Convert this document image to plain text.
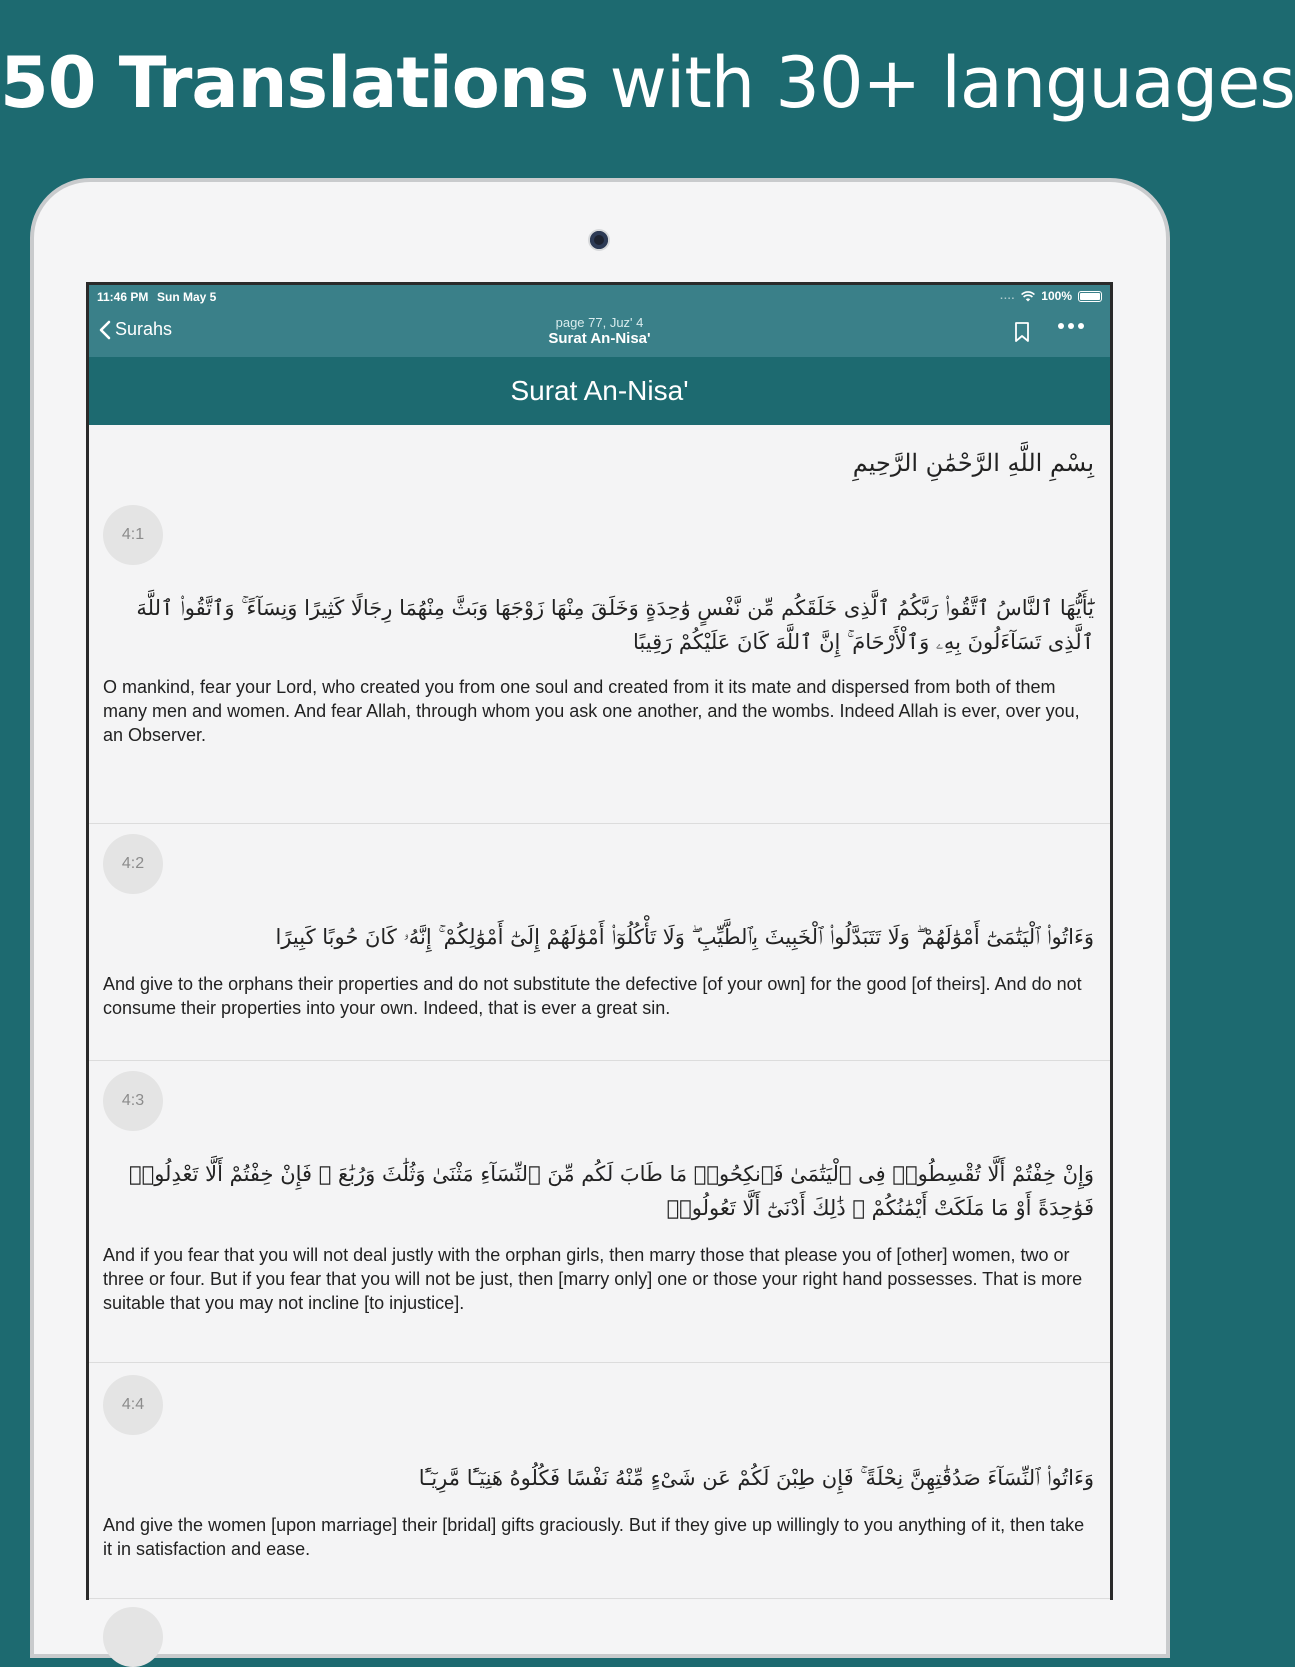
50 Translations with 30+ languages
11:46 PM Sun May 5	.... 100%
Surahs	page 77, Juz' 4
Surat An-Nisa'
Surat An-Nisa'
بِسْمِ اللَّهِ الرَّحْمَٰنِ الرَّحِيمِ
4:1
يَٰٓأَيُّهَا ٱلنَّاسُ ٱتَّقُوا۟ رَبَّكُمُ ٱلَّذِى خَلَقَكُم مِّن نَّفْسٍ وَٰحِدَةٍ وَخَلَقَ مِنْهَا زَوْجَهَا وَبَثَّ مِنْهُمَا رِجَالًا كَثِيرًا وَنِسَآءً ۚ وَٱتَّقُوا۟ ٱللَّهَ ٱلَّذِى تَسَآءَلُونَ بِهِۦ وَٱلْأَرْحَامَ ۚ إِنَّ ٱللَّهَ كَانَ عَلَيْكُمْ رَقِيبًا
O mankind, fear your Lord, who created you from one soul and created from it its mate and dispersed from both of them many men and women. And fear Allah, through whom you ask one another, and the wombs. Indeed Allah is ever, over you, an Observer.
4:2
وَءَاتُوا۟ ٱلْيَتَٰمَىٰٓ أَمْوَٰلَهُمْ ۖ وَلَا تَتَبَدَّلُوا۟ ٱلْخَبِيثَ بِٱلطَّيِّبِ ۖ وَلَا تَأْكُلُوٓا۟ أَمْوَٰلَهُمْ إِلَىٰٓ أَمْوَٰلِكُمْ ۚ إِنَّهُۥ كَانَ حُوبًا كَبِيرًا
And give to the orphans their properties and do not substitute the defective [of your own] for the good [of theirs]. And do not consume their properties into your own. Indeed, that is ever a great sin.
4:3
وَإِنْ خِفْتُمْ أَلَّا تُقْسِطُوا۟ فِى ٱلْيَتَٰمَىٰ فَٱنكِحُوا۟ مَا طَابَ لَكُم مِّنَ ٱلنِّسَآءِ مَثْنَىٰ وَثُلَٰثَ وَرُبَٰعَ ۖ فَإِنْ خِفْتُمْ أَلَّا تَعْدِلُوا۟ فَوَٰحِدَةً أَوْ مَا مَلَكَتْ أَيْمَٰنُكُمْ ۚ ذَٰلِكَ أَدْنَىٰٓ أَلَّا تَعُولُوا۟
And if you fear that you will not deal justly with the orphan girls, then marry those that please you of [other] women, two or three or four. But if you fear that you will not be just, then [marry only] one or those your right hand possesses. That is more suitable that you may not incline [to injustice].
4:4
وَءَاتُوا۟ ٱلنِّسَآءَ صَدُقَٰتِهِنَّ نِحْلَةً ۚ فَإِن طِبْنَ لَكُمْ عَن شَىْءٍ مِّنْهُ نَفْسًا فَكُلُوهُ هَنِيٓـًٔا مَّرِيٓـًٔا
And give the women [upon marriage] their [bridal] gifts graciously. But if they give up willingly to you anything of it, then take it in satisfaction and ease.
